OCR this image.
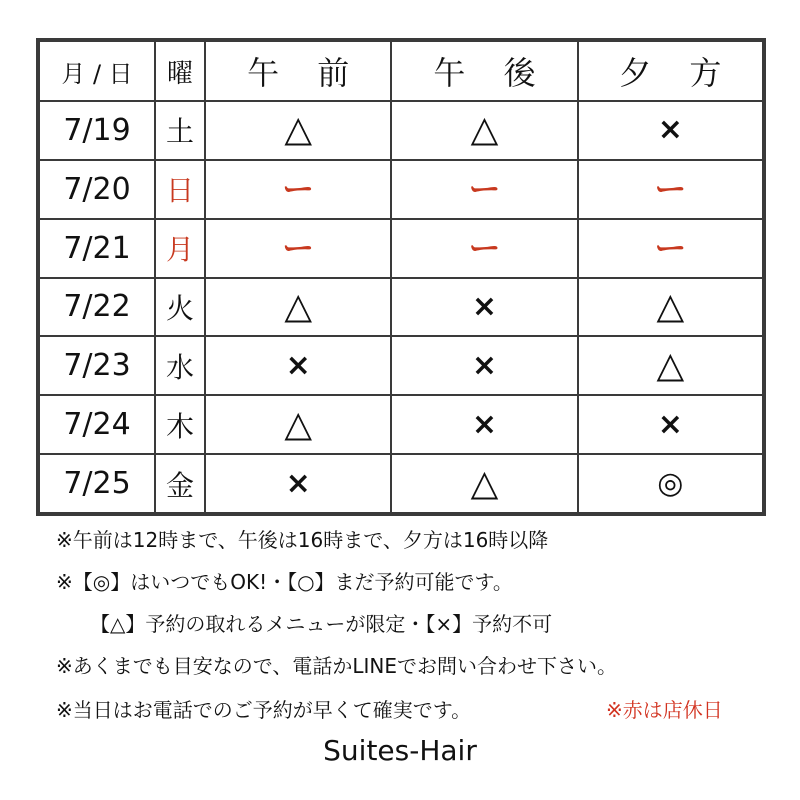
月 / 日	曜	午 前	午 後	夕 方
7/19	土	△	△	×
7/20	日	ー	ー	ー
7/21	月	ー	ー	ー
7/22	火	△	×	△
7/23	水	×	×	△
7/24	木	△	×	×
7/25	金	×	△	◎
※午前は12時まで、午後は16時まで、夕方は16時以降
※【◎】はいつでもOK!・【○】まだ予約可能です。
【△】予約の取れるメニューが限定・【×】予約不可
※あくまでも目安なので、電話かLINEでお問い合わせ下さい。
※当日はお電話でのご予約が早くて確実です。	※赤は店休日
Suites-Hair
